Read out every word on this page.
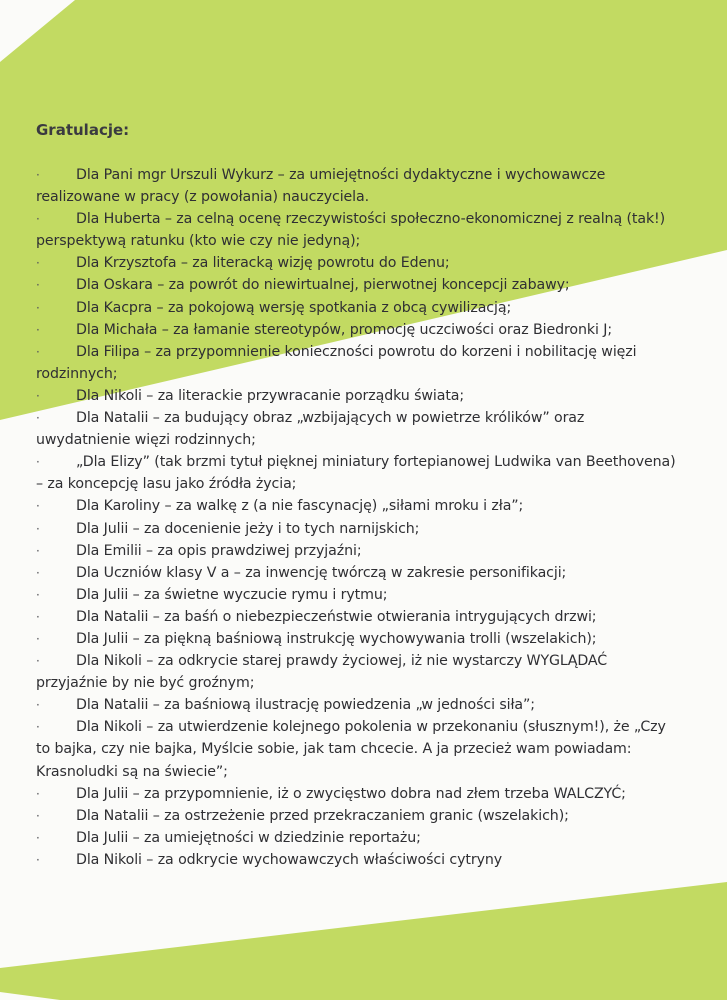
Gratulacje:
·	Dla Pani mgr Urszuli Wykurz – za umiejętności dydaktyczne i wychowawcze realizowane w pracy (z powołania) nauczyciela.
·	Dla Huberta – za celną ocenę rzeczywistości społeczno-ekonomicznej z realną (tak!) perspektywą ratunku (kto wie czy nie jedyną);
·	Dla Krzysztofa – za literacką wizję powrotu do Edenu;
·	Dla Oskara – za powrót do niewirtualnej, pierwotnej koncepcji zabawy;
·	Dla Kacpra – za pokojową wersję spotkania z obcą cywilizacją;
·	Dla Michała – za łamanie stereotypów, promocję uczciwości oraz Biedronki J;
·	Dla Filipa – za przypomnienie konieczności powrotu do korzeni i nobilitację więzi rodzinnych;
·	Dla Nikoli – za literackie przywracanie porządku świata;
·	Dla Natalii – za budujący obraz „wzbijających w powietrze królików” oraz uwydatnienie więzi rodzinnych;
·	„Dla Elizy” (tak brzmi tytuł pięknej miniatury fortepianowej Ludwika van Beethovena) – za koncepcję lasu jako źródła życia;
·	Dla Karoliny – za walkę z (a nie fascynację) „siłami mroku i zła”;
·	Dla Julii – za docenienie jeży i to tych narnijskich;
·	Dla Emilii – za opis prawdziwej przyjaźni;
·	Dla Uczniów klasy V a – za inwencję twórczą w zakresie personifikacji;
·	Dla Julii – za świetne wyczucie rymu i rytmu;
·	Dla Natalii – za baśń o niebezpieczeństwie otwierania intrygujących drzwi;
·	Dla Julii – za piękną baśniową instrukcję wychowywania trolli (wszelakich);
·	Dla Nikoli – za odkrycie starej prawdy życiowej, iż nie wystarczy WYGLĄDAĆ przyjaźnie by nie być groźnym;
·	Dla Natalii – za baśniową ilustrację powiedzenia „w jedności siła”;
·	Dla Nikoli – za utwierdzenie kolejnego pokolenia w przekonaniu (słusznym!), że „Czy to bajka, czy nie bajka, Myślcie sobie, jak tam chcecie. A ja przecież wam powiadam: Krasnoludki są na świecie”;
·	Dla Julii – za przypomnienie, iż o zwycięstwo dobra nad złem trzeba WALCZYĆ;
·	Dla Natalii – za ostrzeżenie przed przekraczaniem granic (wszelakich);
·	Dla Julii – za umiejętności w dziedzinie reportażu;
·	Dla Nikoli – za odkrycie wychowawczych właściwości cytryny
